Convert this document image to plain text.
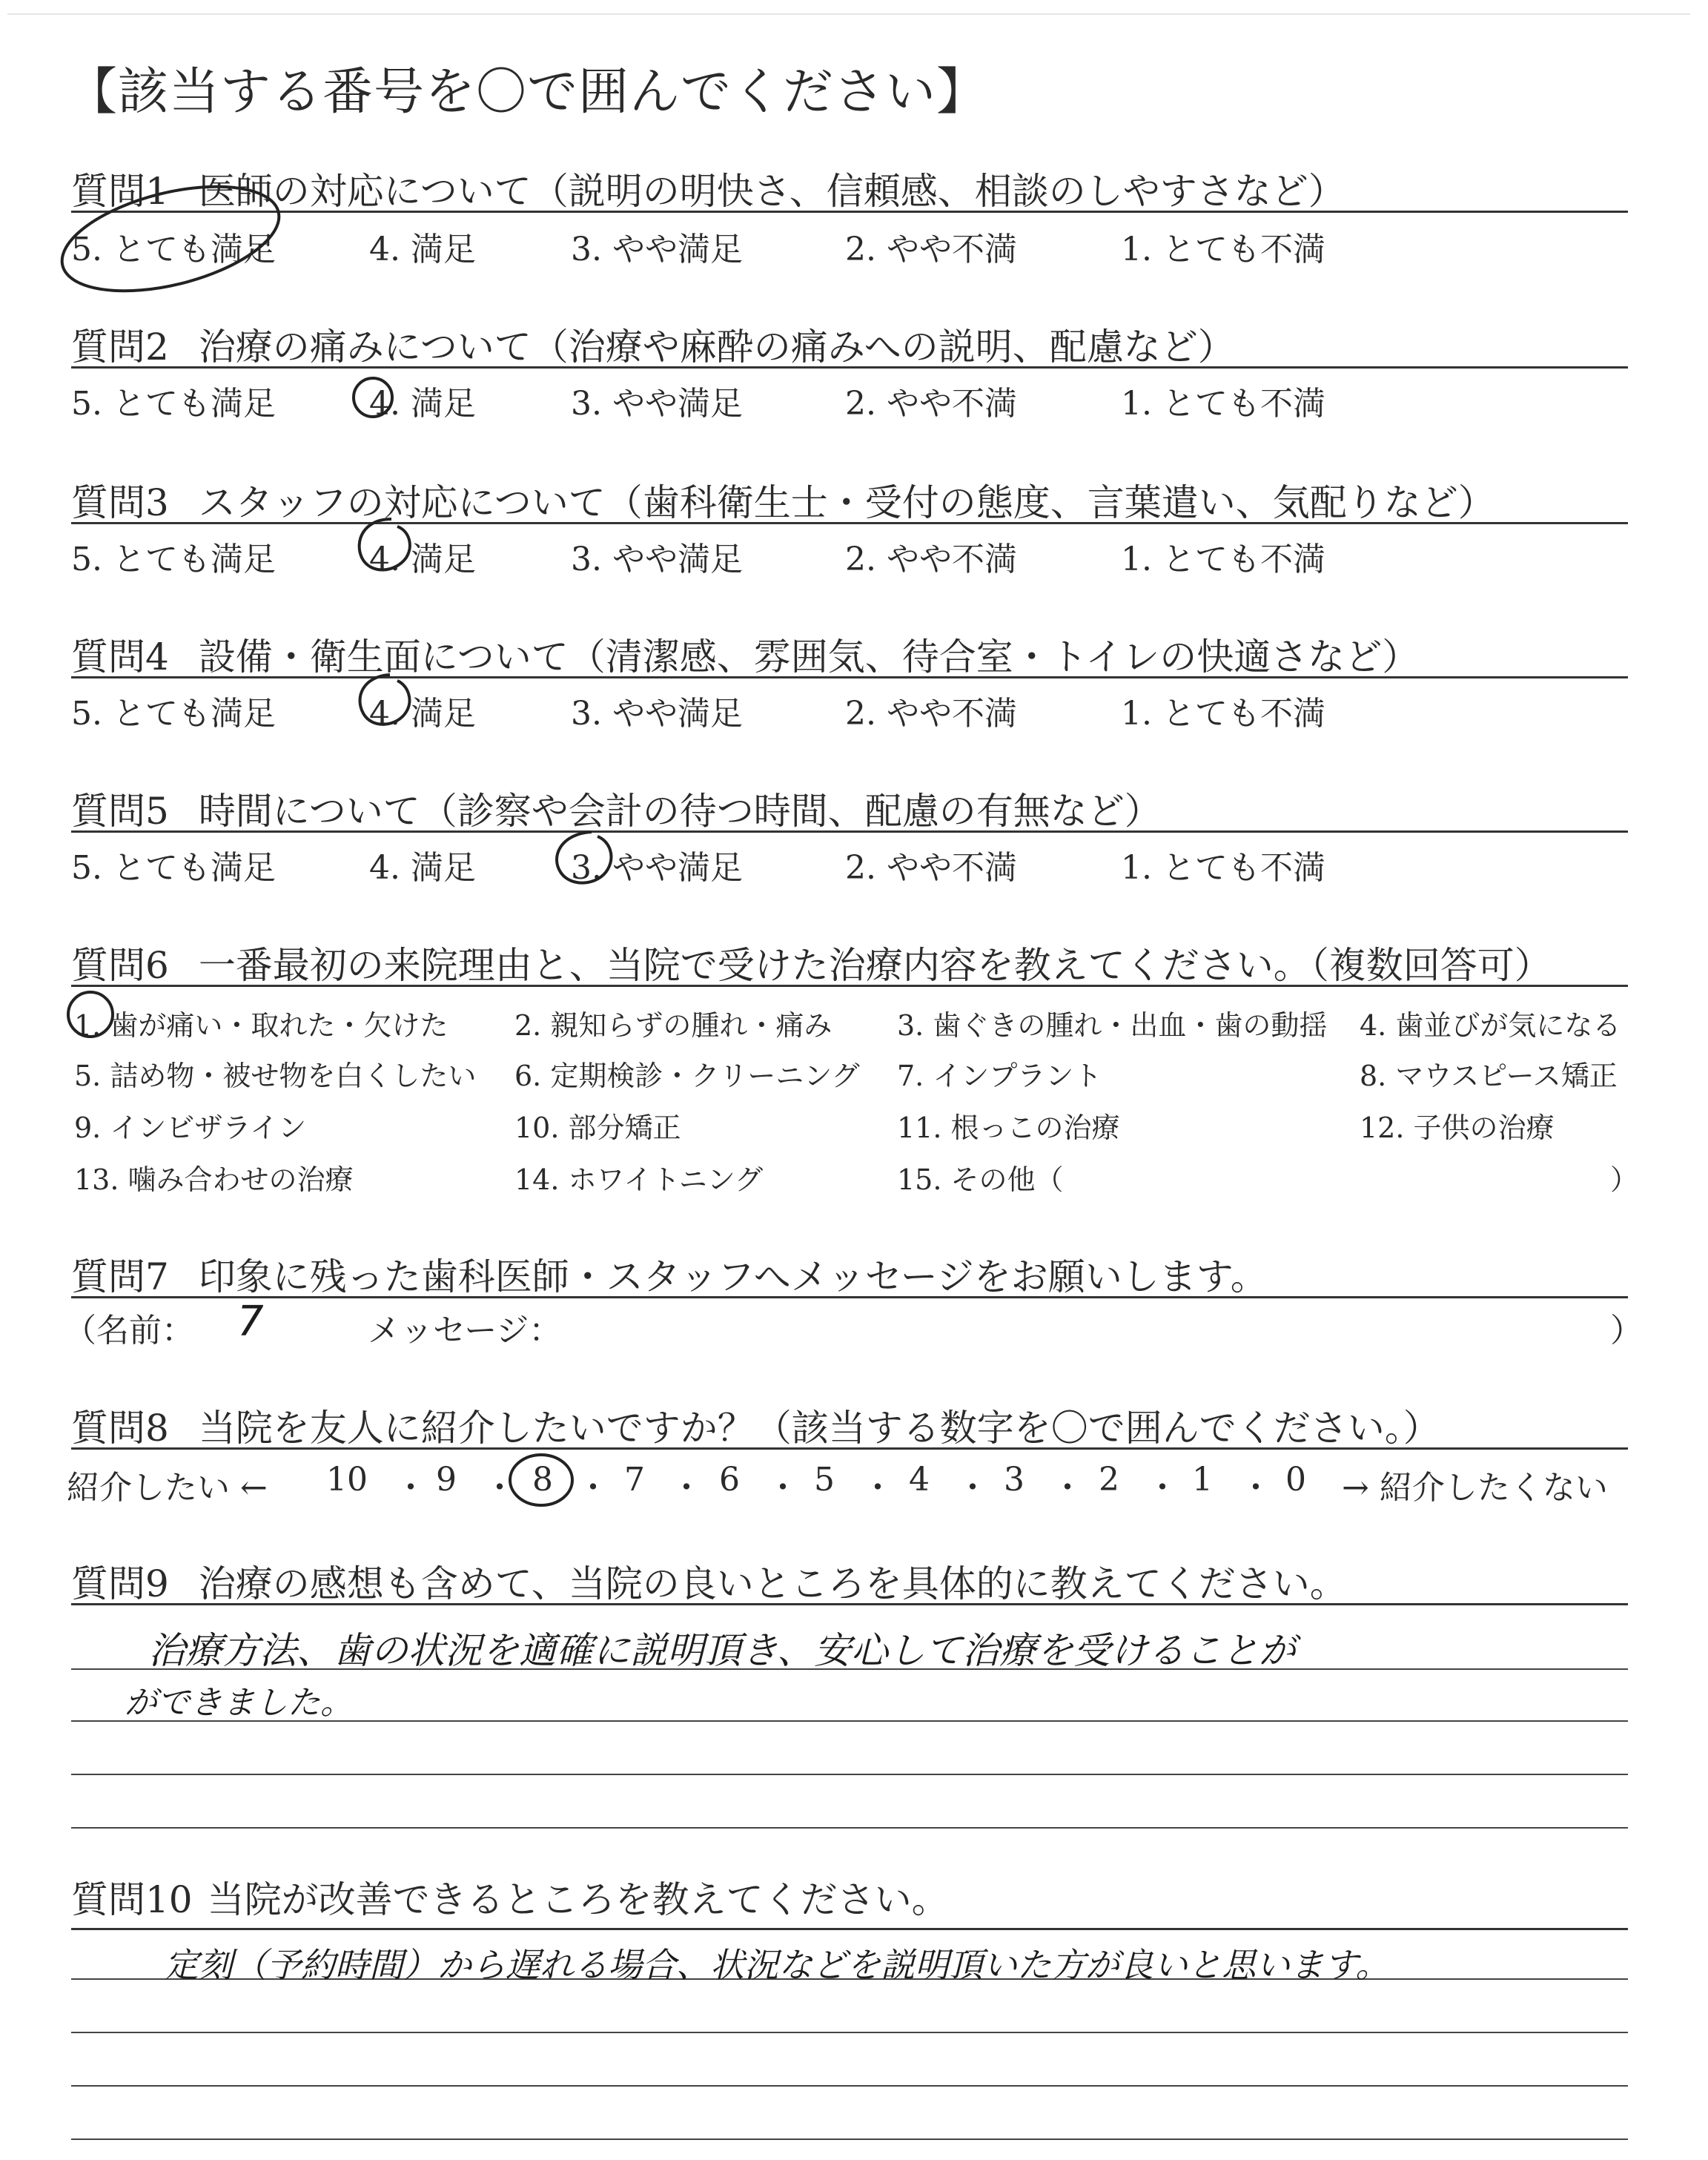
【該当する番号を〇で囲んでください】
質問1 医師の対応について（説明の明快さ、信頼感、相談のしやすさなど）
5. とても満足	4. 満足	3. やや満足	2. やや不満	1. とても不満
質問2 治療の痛みについて（治療や麻酔の痛みへの説明、配慮など）
5. とても満足	4. 満足	3. やや満足	2. やや不満	1. とても不満
質問3 スタッフの対応について（歯科衛生士・受付の態度、言葉遣い、気配りなど）
5. とても満足	4. 満足	3. やや満足	2. やや不満	1. とても不満
質問4 設備・衛生面について（清潔感、雰囲気、待合室・トイレの快適さなど）
5. とても満足	4. 満足	3. やや満足	2. やや不満	1. とても不満
質問5 時間について（診察や会計の待つ時間、配慮の有無など）
5. とても満足	4. 満足	3. やや満足	2. やや不満	1. とても不満
質問6 一番最初の来院理由と、当院で受けた治療内容を教えてください。（複数回答可）
1. 歯が痛い・取れた・欠けた 2. 親知らずの腫れ・痛み 3. 歯ぐきの腫れ・出血・歯の動揺 4. 歯並びが気になる
5. 詰め物・被せ物を白くしたい 6. 定期検診・クリーニング 7. インプラント	8. マウスピース矯正
9. インビザライン	10. 部分矯正	11. 根っこの治療	12. 子供の治療
13. 噛み合わせの治療	14. ホワイトニング	15. その他（	）
質問7 印象に残った歯科医師・スタッフへメッセージをお願いします。
（名前： 7	メッセージ：	）
質問8 当院を友人に紹介したいですか？（該当する数字を〇で囲んでください。）
紹介したい ← 10 ・ 9 ・ 8 ・ 7 ・ 6 ・ 5 ・ 4 ・ 3 ・ 2 ・ 1 ・ 0 → 紹介したくない
質問9 治療の感想も含めて、当院の良いところを具体的に教えてください。
治療方法、歯の状況を適確に説明頂き、安心して治療を受けることが
ができました。
質問10 当院が改善できるところを教えてください。
定刻（予約時間）から遅れる場合、状況などを説明頂いた方が良いと思います。
